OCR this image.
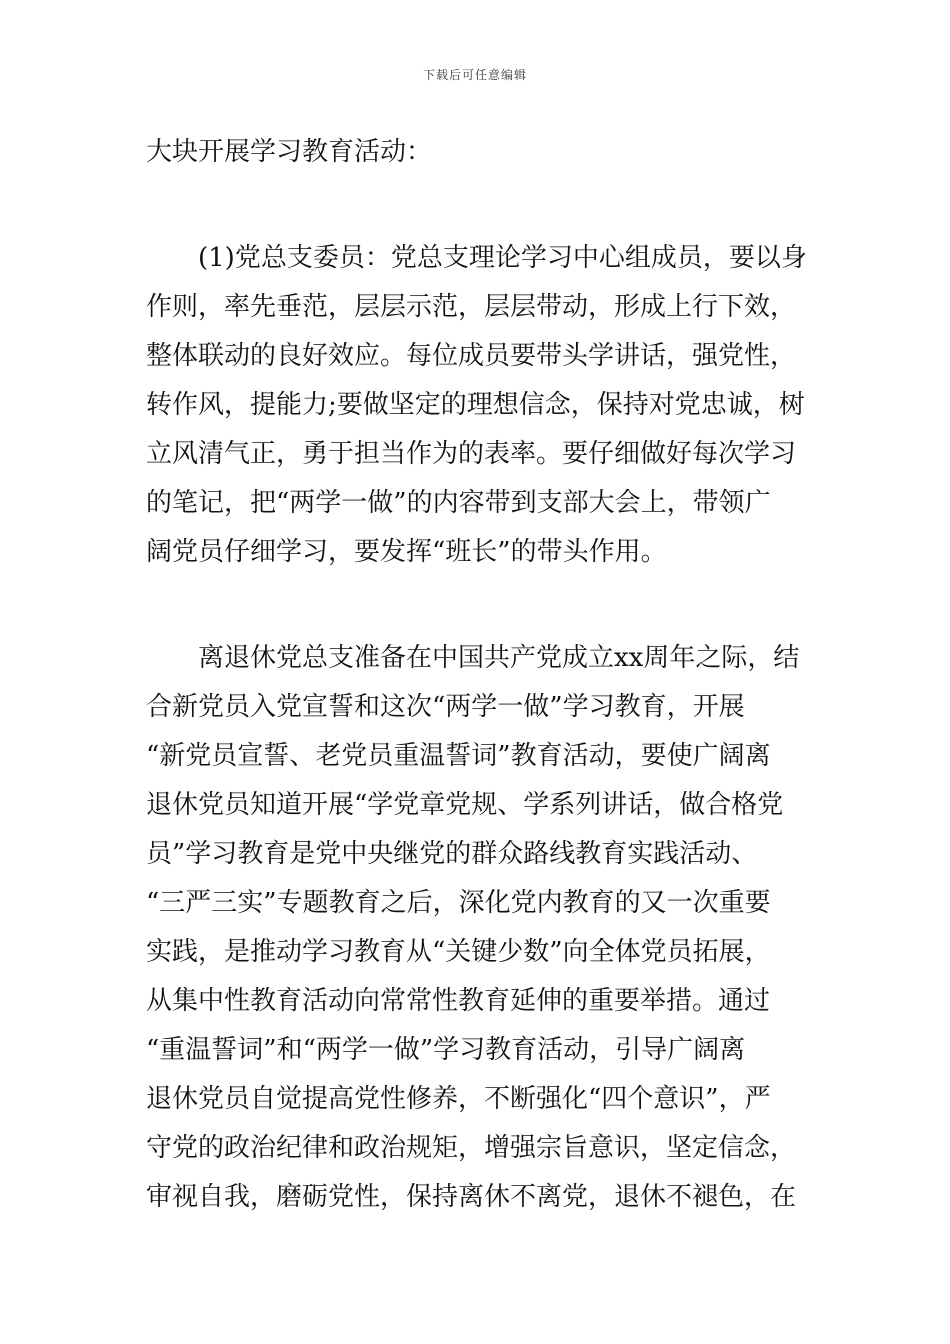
下载后可任意编辑
大块开展学习教育活动：
(1)党总支委员：党总支理论学习中心组成员，要以身
作则，率先垂范，层层示范，层层带动，形成上行下效，
整体联动的良好效应。每位成员要带头学讲话，强党性，
转作风，提能力;要做坚定的理想信念，保持对党忠诚，树
立风清气正，勇于担当作为的表率。要仔细做好每次学习
的笔记，把“两学一做”的内容带到支部大会上，带领广
阔党员仔细学习，要发挥“班长”的带头作用。
离退休党总支准备在中国共产党成立xx周年之际，结
合新党员入党宣誓和这次“两学一做”学习教育，开展
“新党员宣誓、老党员重温誓词”教育活动，要使广阔离
退休党员知道开展“学党章党规、学系列讲话，做合格党
员”学习教育是党中央继党的群众路线教育实践活动、
“三严三实”专题教育之后，深化党内教育的又一次重要
实践，是推动学习教育从“关键少数”向全体党员拓展，
从集中性教育活动向常常性教育延伸的重要举措。通过
“重温誓词”和“两学一做”学习教育活动，引导广阔离
退休党员自觉提高党性修养，不断强化“四个意识”，严
守党的政治纪律和政治规矩，增强宗旨意识，坚定信念，
审视自我，磨砺党性，保持离休不离党，退休不褪色，在
